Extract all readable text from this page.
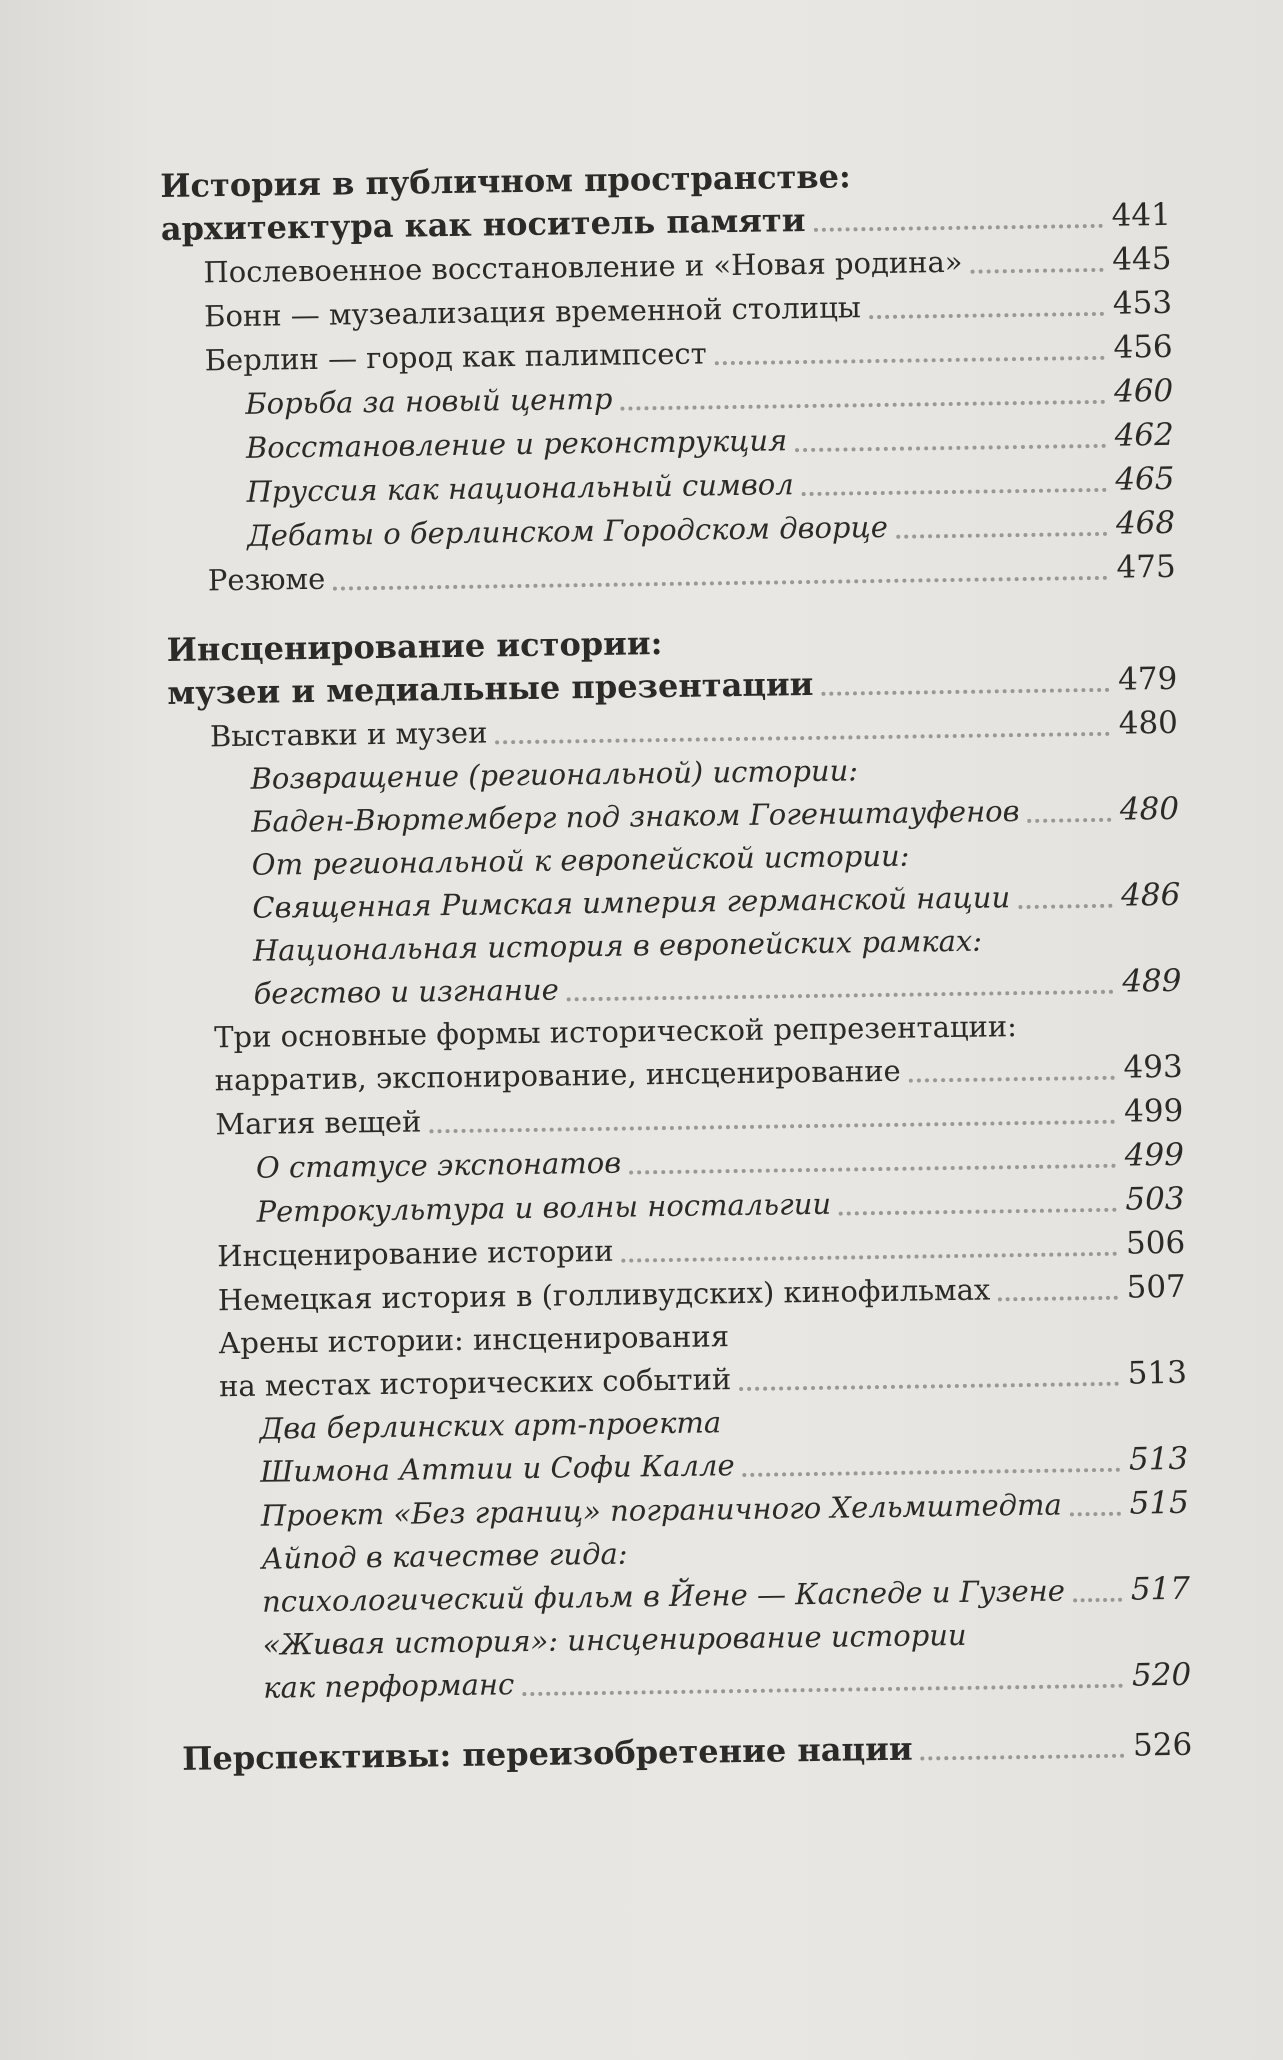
История в публичном пространстве:
архитектура как носитель памяти	441
Послевоенное восстановление и «Новая родина»	445
Бонн — музеализация временной столицы	453
Берлин — город как палимпсест	456
Борьба за новый центр	460
Восстановление и реконструкция	462
Пруссия как национальный символ	465
Дебаты о берлинском Городском дворце	468
Резюме	475
Инсценирование истории:
музеи и медиальные презентации	479
Выставки и музеи	480
Возвращение (региональной) истории:
Баден-Вюртемберг под знаком Гогенштауфенов	480
От региональной к европейской истории:
Священная Римская империя германской нации	486
Национальная история в европейских рамках:
бегство и изгнание	489
Три основные формы исторической репрезентации:
нарратив, экспонирование, инсценирование	493
Магия вещей	499
О статусе экспонатов	499
Ретрокультура и волны ностальгии	503
Инсценирование истории	506
Немецкая история в (голливудских) кинофильмах	507
Арены истории: инсценирования
на местах исторических событий	513
Два берлинских арт-проекта
Шимона Аттии и Софи Калле	513
Проект «Без границ» пограничного Хельмштедта 515
Айпод в качестве гида:
психологический фильм в Йене — Каспеде и Гузене 517
«Живая история»: инсценирование истории
как перформанс	520
Перспективы: переизобретение нации	526
